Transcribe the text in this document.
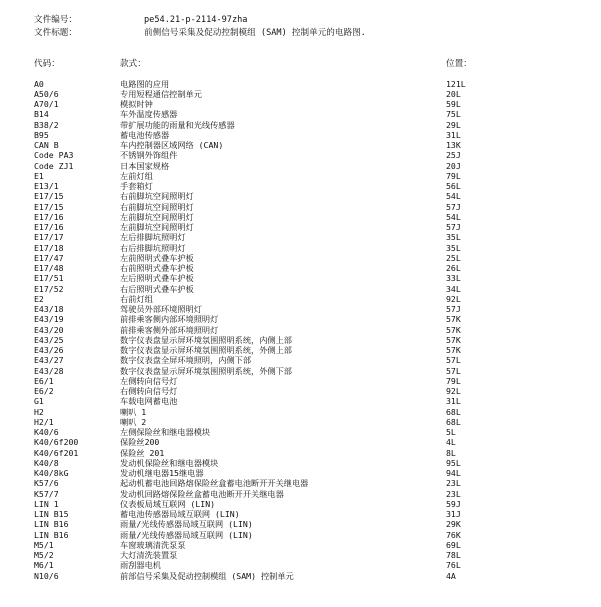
文件编号：	pe54.21-p-2114-97zha
文件标题：	前侧信号采集及促动控制模组 (SAM) 控制单元的电路图.
代码：	款式：	位置：
A0	电路图的应用	121L
A50/6	专用短程通信控制单元	20L
A70/1	模拟时钟	59L
B14	车外温度传感器	75L
B38/2	带扩展功能的雨量和光线传感器	29L
B95	蓄电池传感器	31L
CAN B	车内控制器区域网络 (CAN)	13K
Code PA3	不锈钢外饰组件	25J
Code ZJ1	日本国家规格	20J
E1	左前灯组	79L
E13/1	手套箱灯	56L
E17/15	右前脚坑空间照明灯	54L
E17/15	右前脚坑空间照明灯	57J
E17/16	左前脚坑空间照明灯	54L
E17/16	左前脚坑空间照明灯	57J
E17/17	左后排脚坑照明灯	35L
E17/18	右后排脚坑照明灯	35L
E17/47	左前照明式叠车护板	25L
E17/48	右前照明式叠车护板	26L
E17/51	左后照明式叠车护板	33L
E17/52	右后照明式叠车护板	34L
E2	右前灯组	92L
E43/18	驾驶员外部环境照明灯	57J
E43/19	前排乘客侧内部环境照明灯	57K
E43/20	前排乘客侧外部环境照明灯	57K
E43/25	数字仪表盘显示屏环境氛围照明系统，内侧上部	57K
E43/26	数字仪表盘显示屏环境氛围照明系统，外侧上部	57K
E43/27	数字仪表盘全屏环境照明，内侧下部	57L
E43/28	数字仪表盘显示屏环境氛围照明系统，外侧下部	57L
E6/1	左侧转向信号灯	79L
E6/2	右侧转向信号灯	92L
G1	车载电网蓄电池	31L
H2	喇叭 1	68L
H2/1	喇叭 2	68L
K40/6	左侧保险丝和继电器模块	5L
K40/6f200	保险丝200	4L
K40/6f201	保险丝 201	8L
K40/8	发动机保险丝和继电器模块	95L
K40/8kG	发动机继电器15继电器	94L
K57/6	起动机蓄电池回路熔保险丝盒蓄电池断开开关继电器	23L
K57/7	发动机回路熔保险丝盒蓄电池断开开关继电器	23L
LIN 1	仪表板局域互联网 (LIN)	59J
LIN B15	蓄电池传感器局域互联网 (LIN)	31J
LIN B16	雨量/光线传感器局域互联网 (LIN)	29K
LIN B16	雨量/光线传感器局域互联网 (LIN)	76K
M5/1	车窗玻璃清洗泵泵	69L
M5/2	大灯清洗装置泵	78L
M6/1	雨刮器电机	76L
N10/6	前部信号采集及促动控制模组 (SAM) 控制单元	4A
